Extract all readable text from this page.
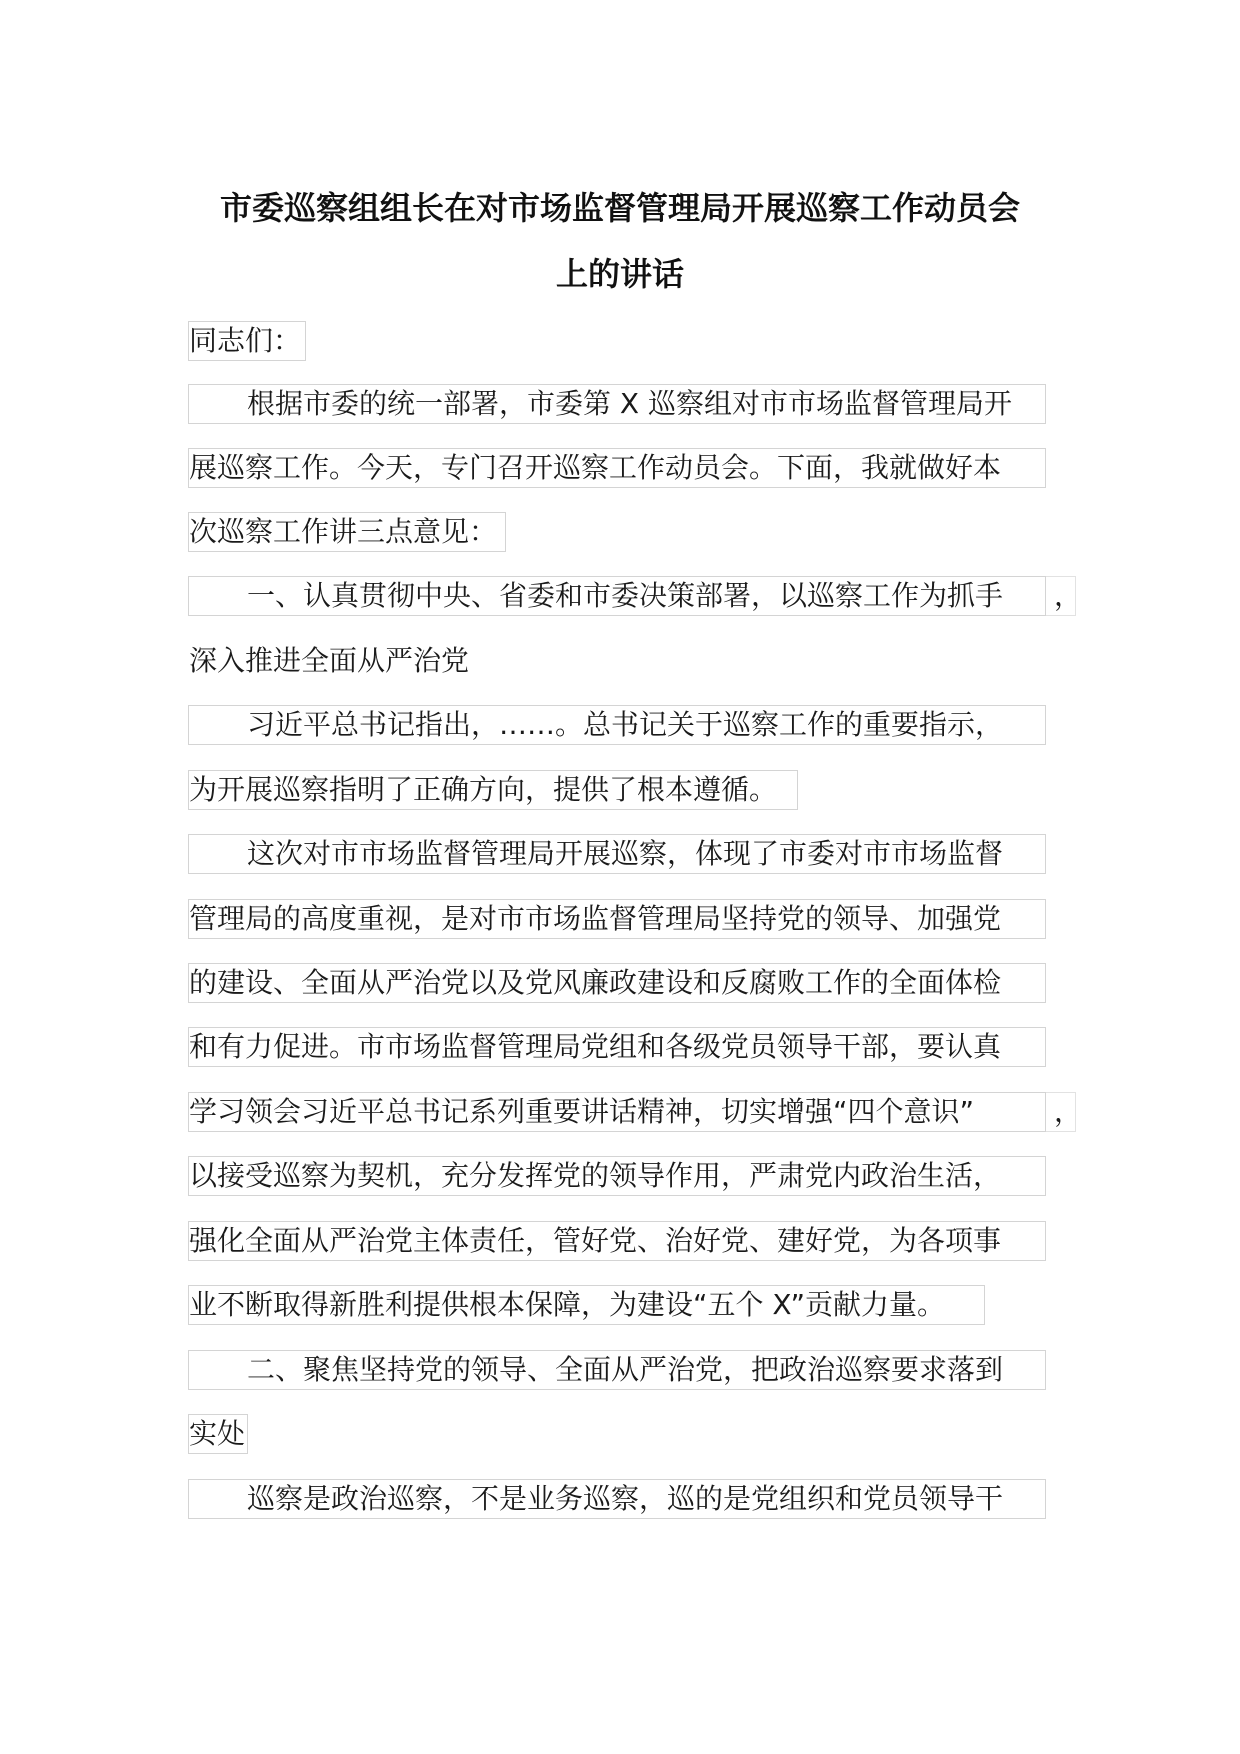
市委巡察组组长在对市场监督管理局开展巡察工作动员会
上的讲话
同志们：
根据市委的统一部署，市委第 X 巡察组对市市场监督管理局开
展巡察工作。今天，专门召开巡察工作动员会。下面，我就做好本
次巡察工作讲三点意见：
一、认真贯彻中央、省委和市委决策部署，以巡察工作为抓手	，
深入推进全面从严治党
习近平总书记指出，……。总书记关于巡察工作的重要指示，
为开展巡察指明了正确方向，提供了根本遵循。
这次对市市场监督管理局开展巡察，体现了市委对市市场监督
管理局的高度重视，是对市市场监督管理局坚持党的领导、加强党
的建设、全面从严治党以及党风廉政建设和反腐败工作的全面体检
和有力促进。市市场监督管理局党组和各级党员领导干部，要认真
学习领会习近平总书记系列重要讲话精神，切实增强“四个意识”	，
以接受巡察为契机，充分发挥党的领导作用，严肃党内政治生活，
强化全面从严治党主体责任，管好党、治好党、建好党，为各项事
业不断取得新胜利提供根本保障，为建设“五个 X”贡献力量。
二、聚焦坚持党的领导、全面从严治党，把政治巡察要求落到
实处
巡察是政治巡察，不是业务巡察，巡的是党组织和党员领导干
